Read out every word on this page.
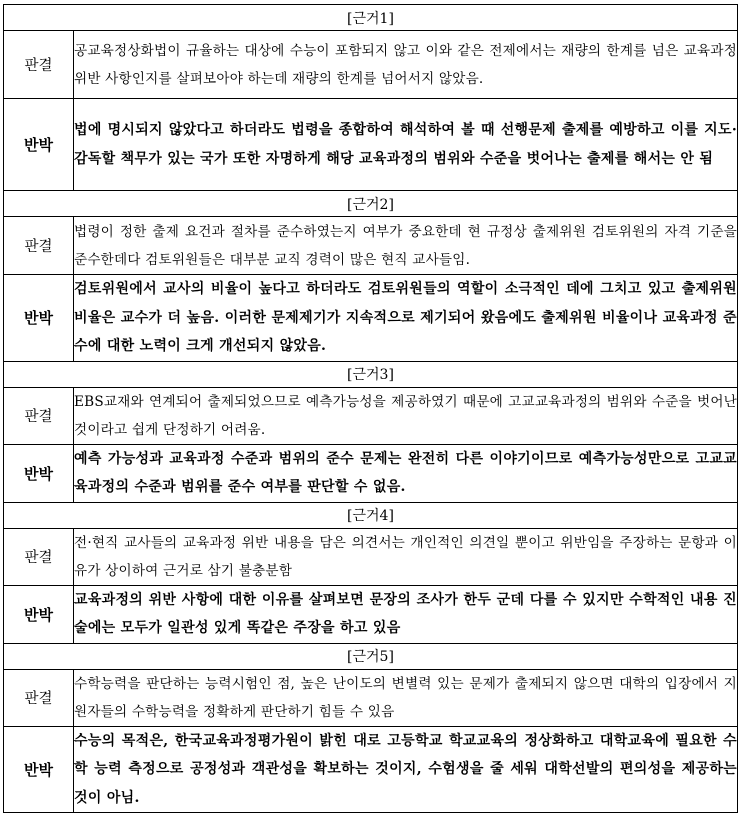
[근거1]	
판결	공교육정상화법이 규율하는 대상에 수능이 포함되지 않고 이와 같은 전제에서는 재량의 한계를 넘은 교육과정 위반 사항인지를 살펴보아야 하는데 재량의 한계를 넘어서지 않았음.
반박	법에 명시되지 않았다고 하더라도 법령을 종합하여 해석하여 볼 때 선행문제 출제를 예방하고 이를 지도·감독할 책무가 있는 국가 또한 자명하게 해당 교육과정의 범위와 수준을 벗어나는 출제를 해서는 안 됨
[근거2]	
판결	법령이 정한 출제 요건과 절차를 준수하였는지 여부가 중요한데 현 규정상 출제위원 검토위원의 자격 기준을 준수한데다 검토위원들은 대부분 교직 경력이 많은 현직 교사들임.
반박	검토위원에서 교사의 비율이 높다고 하더라도 검토위원들의 역할이 소극적인 데에 그치고 있고 출제위원 비율은 교수가 더 높음. 이러한 문제제기가 지속적으로 제기되어 왔음에도 출제위원 비율이나 교육과정 준수에 대한 노력이 크게 개선되지 않았음.
[근거3]	
판결	EBS교재와 연계되어 출제되었으므로 예측가능성을 제공하였기 때문에 고교교육과정의 범위와 수준을 벗어난 것이라고 쉽게 단정하기 어려움.
반박	예측 가능성과 교육과정 수준과 범위의 준수 문제는 완전히 다른 이야기이므로 예측가능성만으로 고교교육과정의 수준과 범위를 준수 여부를 판단할 수 없음.
[근거4]	
판결	전·현직 교사들의 교육과정 위반 내용을 담은 의견서는 개인적인 의견일 뿐이고 위반임을 주장하는 문항과 이유가 상이하여 근거로 삼기 불충분함
반박	교육과정의 위반 사항에 대한 이유를 살펴보면 문장의 조사가 한두 군데 다를 수 있지만 수학적인 내용 진술에는 모두가 일관성 있게 똑같은 주장을 하고 있음
[근거5]	
판결	수학능력을 판단하는 능력시험인 점, 높은 난이도의 변별력 있는 문제가 출제되지 않으면 대학의 입장에서 지원자들의 수학능력을 정확하게 판단하기 힘들 수 있음
반박	수능의 목적은, 한국교육과정평가원이 밝힌 대로 고등학교 학교교육의 정상화하고 대학교육에 필요한 수학 능력 측정으로 공정성과 객관성을 확보하는 것이지, 수험생을 줄 세워 대학선발의 편의성을 제공하는 것이 아님.
